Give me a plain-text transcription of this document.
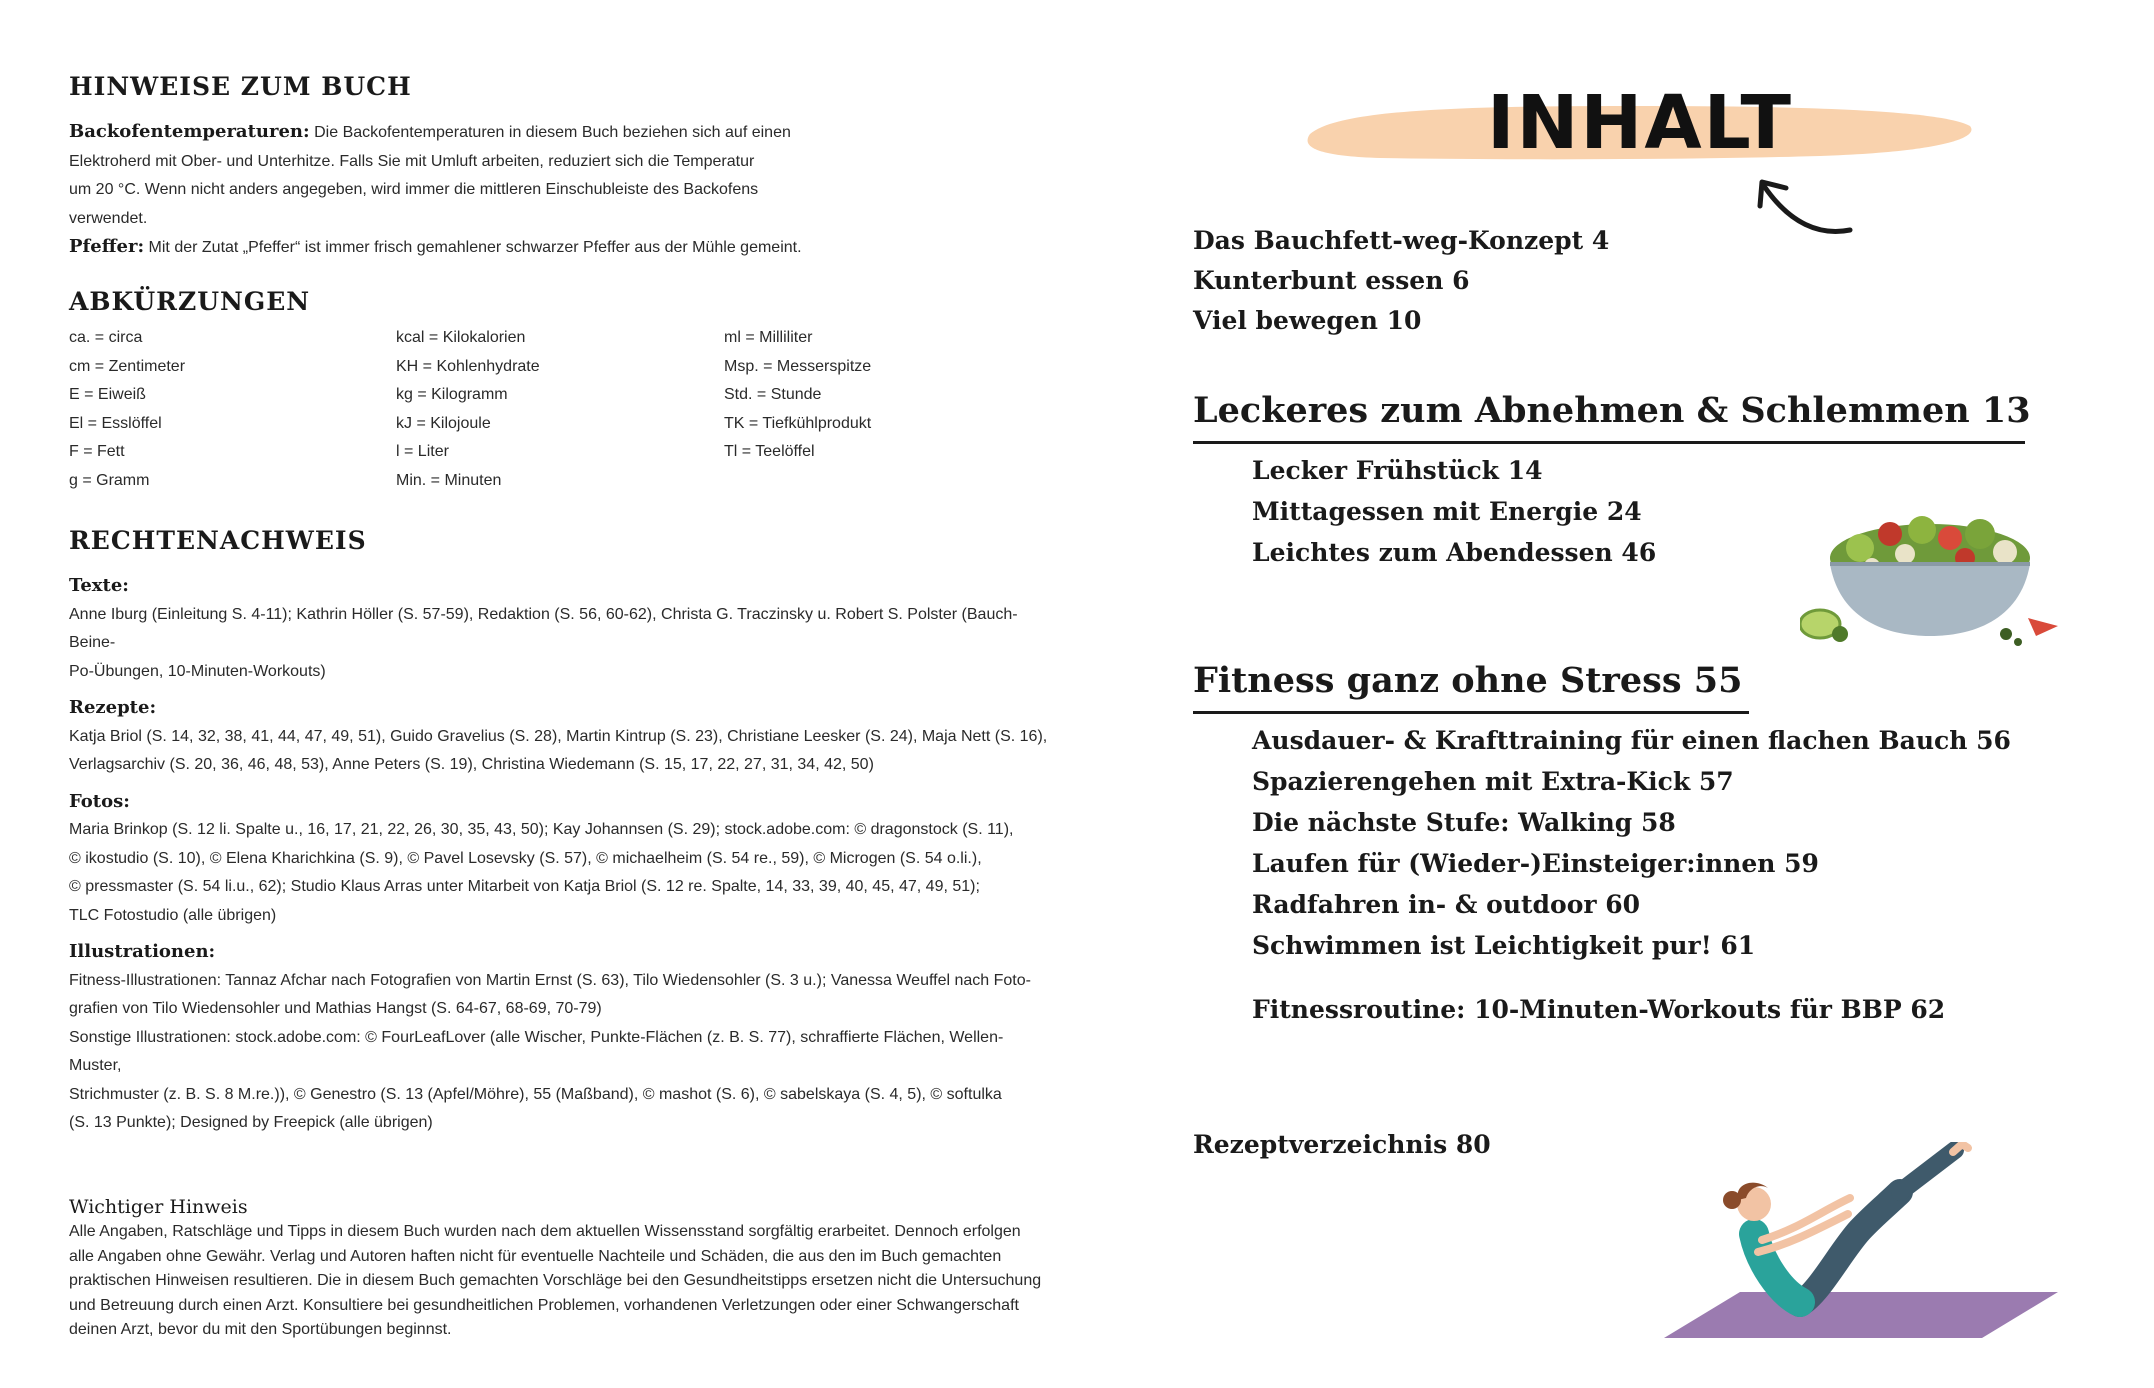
HINWEISE ZUM BUCH
Backofentemperaturen: Die Backofentemperaturen in diesem Buch beziehen sich auf einen
Elektroherd mit Ober- und Unterhitze. Falls Sie mit Umluft arbeiten, reduziert sich die Temperatur
um 20 °C. Wenn nicht anders angegeben, wird immer die mittleren Einschubleiste des Backofens
verwendet.
Pfeffer: Mit der Zutat „Pfeffer“ ist immer frisch gemahlener schwarzer Pfeffer aus der Mühle gemeint.
ABKÜRZUNGEN
ca. = circa
cm = Zentimeter
E = Eiweiß
El = Esslöffel
F = Fett
g = Gramm
kcal = Kilokalorien
KH = Kohlenhydrate
kg = Kilogramm
kJ = Kilojoule
l = Liter
Min. = Minuten
ml = Milliliter
Msp. = Messerspitze
Std. = Stunde
TK = Tiefkühlprodukt
Tl = Teelöffel
RECHTENACHWEIS
Texte:
Anne Iburg (Einleitung S. 4-11); Kathrin Höller (S. 57-59), Redaktion (S. 56, 60-62), Christa G. Traczinsky u. Robert S. Polster (Bauch-Beine-
Po-Übungen, 10-Minuten-Workouts)
Rezepte:
Katja Briol (S. 14, 32, 38, 41, 44, 47, 49, 51), Guido Gravelius (S. 28), Martin Kintrup (S. 23), Christiane Leesker (S. 24), Maja Nett (S. 16),
Verlagsarchiv (S. 20, 36, 46, 48, 53), Anne Peters (S. 19), Christina Wiedemann (S. 15, 17, 22, 27, 31, 34, 42, 50)
Fotos:
Maria Brinkop (S. 12 li. Spalte u., 16, 17, 21, 22, 26, 30, 35, 43, 50); Kay Johannsen (S. 29); stock.adobe.com: © dragonstock (S. 11),
© ikostudio (S. 10), © Elena Kharichkina (S. 9), © Pavel Losevsky (S. 57), © michaelheim (S. 54 re., 59), © Microgen (S. 54 o.li.),
© pressmaster (S. 54 li.u., 62); Studio Klaus Arras unter Mitarbeit von Katja Briol (S. 12 re. Spalte, 14, 33, 39, 40, 45, 47, 49, 51);
TLC Fotostudio (alle übrigen)
Illustrationen:
Fitness-Illustrationen: Tannaz Afchar nach Fotografien von Martin Ernst (S. 63), Tilo Wiedensohler (S. 3 u.); Vanessa Weuffel nach Foto-
grafien von Tilo Wiedensohler und Mathias Hangst (S. 64-67, 68-69, 70-79)
Sonstige Illustrationen: stock.adobe.com: © FourLeafLover (alle Wischer, Punkte-Flächen (z. B. S. 77), schraffierte Flächen, Wellen-Muster,
Strichmuster (z. B. S. 8 M.re.)), © Genestro (S. 13 (Apfel/Möhre), 55 (Maßband), © mashot (S. 6), © sabelskaya (S. 4, 5), © softulka
(S. 13 Punkte); Designed by Freepick (alle übrigen)
Wichtiger Hinweis
Alle Angaben, Ratschläge und Tipps in diesem Buch wurden nach dem aktuellen Wissensstand sorgfältig erarbeitet. Dennoch erfolgen
alle Angaben ohne Gewähr. Verlag und Autoren haften nicht für eventuelle Nachteile und Schäden, die aus den im Buch gemachten
praktischen Hinweisen resultieren. Die in diesem Buch gemachten Vorschläge bei den Gesundheitstipps ersetzen nicht die Untersuchung
und Betreuung durch einen Arzt. Konsultiere bei gesundheitlichen Problemen, vorhandenen Verletzungen oder einer Schwangerschaft
deinen Arzt, bevor du mit den Sportübungen beginnst.
INHALT
Das Bauchfett-weg-Konzept 4
Kunterbunt essen 6
Viel bewegen 10
Leckeres zum Abnehmen & Schlemmen 13
Lecker Frühstück 14
Mittagessen mit Energie 24
Leichtes zum Abendessen 46
Fitness ganz ohne Stress 55
Ausdauer- & Krafttraining für einen flachen Bauch 56
Spazierengehen mit Extra-Kick 57
Die nächste Stufe: Walking 58
Laufen für (Wieder-)Einsteiger:innen 59
Radfahren in- & outdoor 60
Schwimmen ist Leichtigkeit pur! 61
Fitnessroutine: 10-Minuten-Workouts für BBP 62
Rezeptverzeichnis 80
